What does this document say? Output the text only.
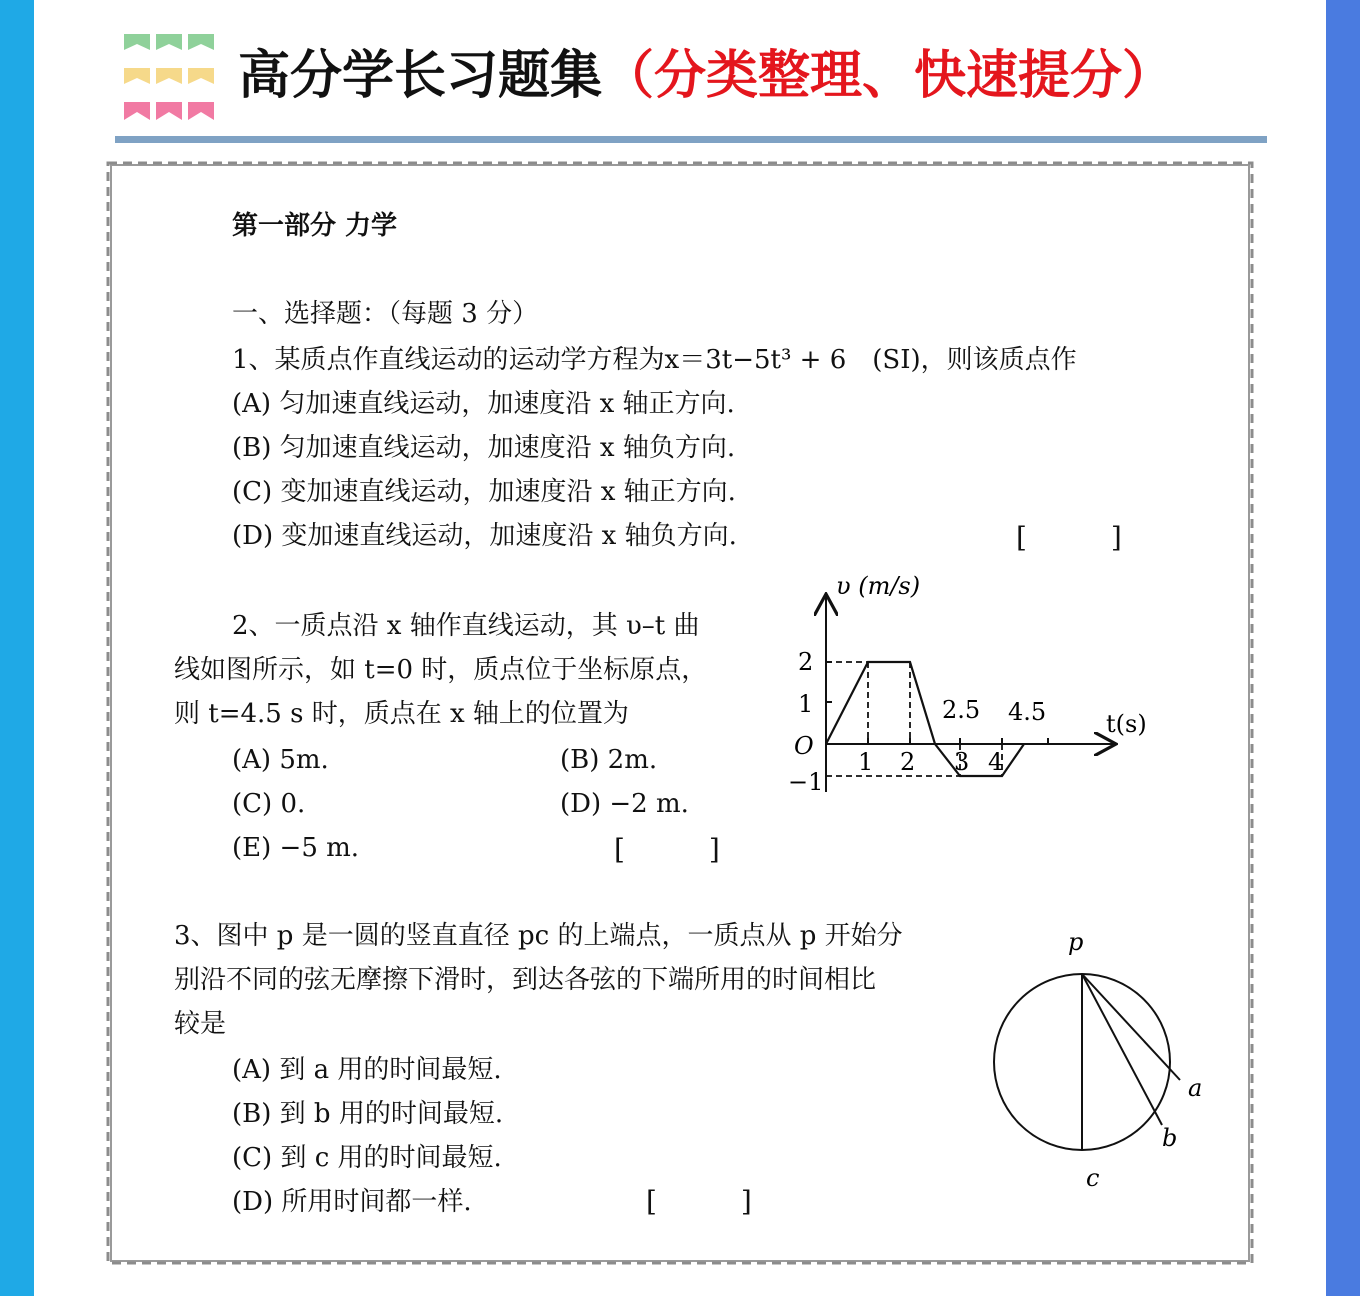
高分学长习题集（分类整理、快速提分）
第一部分 力学
一、选择题：（每题 3 分）
1、某质点作直线运动的运动学方程为x＝3t−5t³ + 6　(SI)，则该质点作
(A) 匀加速直线运动，加速度沿 x 轴正方向.
(B) 匀加速直线运动，加速度沿 x 轴负方向.
(C) 变加速直线运动，加速度沿 x 轴正方向.
(D) 变加速直线运动，加速度沿 x 轴负方向.	[　　　]
2、一质点沿 x 轴作直线运动，其 υ–t 曲
线如图所示，如 t=0 时，质点位于坐标原点，
则 t=4.5 s 时，质点在 x 轴上的位置为
(A) 5m.	(B) 2m.
(C) 0.	(D) −2 m.
(E) −5 m.	[　　　]
υ (m/s)
t(s)
O
2
1
−1
1 2 3 4
2.5 4.5
3、图中 p 是一圆的竖直直径 pc 的上端点，一质点从 p 开始分
别沿不同的弦无摩擦下滑时，到达各弦的下端所用的时间相比
较是
(A) 到 a 用的时间最短.
(B) 到 b 用的时间最短.
(C) 到 c 用的时间最短.
(D) 所用时间都一样.	[　　　]
p
a
b
c
